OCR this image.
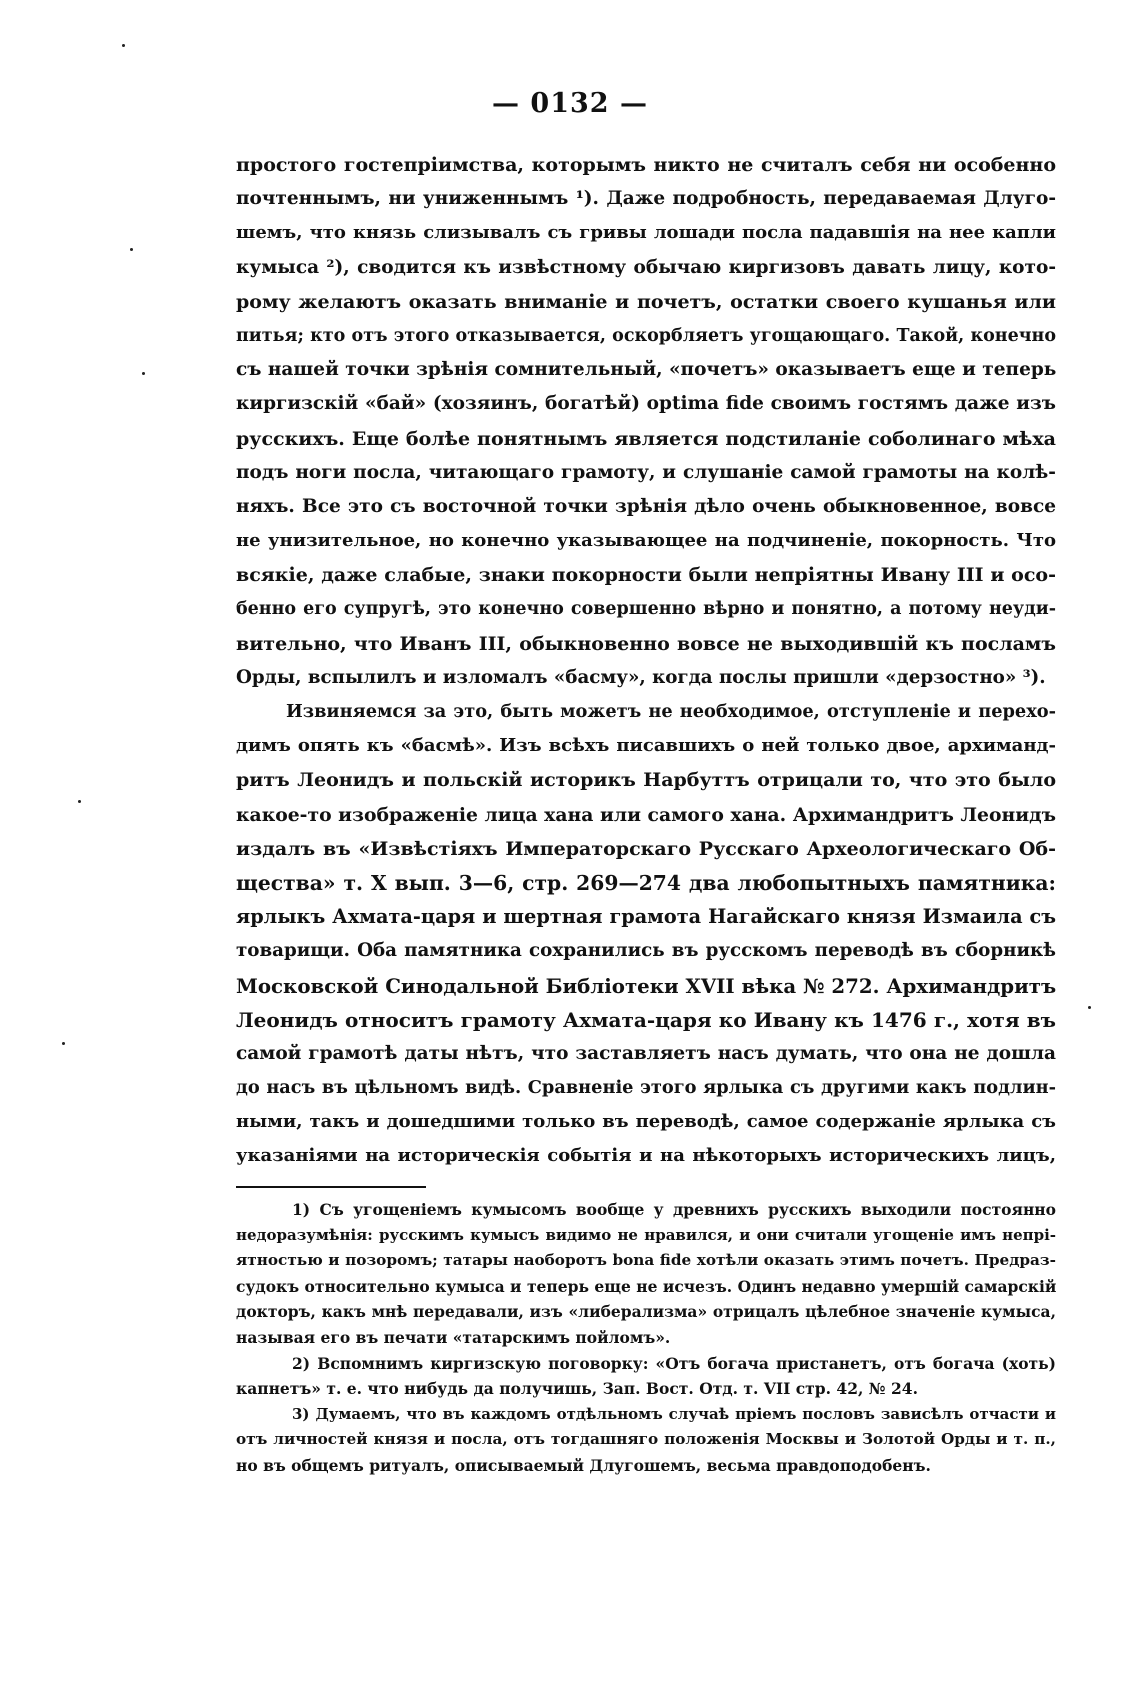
— 0132 —
простого гостепріимства, которымъ никто не считалъ себя ни особенно
почтеннымъ, ни униженнымъ ¹). Даже подробность, передаваемая Длуго-
шемъ, что князь слизывалъ съ гривы лошади посла падавшія на нее капли
кумыса ²), сводится къ извѣстному обычаю киргизовъ давать лицу, кото-
рому желаютъ оказать вниманіе и почетъ, остатки своего кушанья или
питья; кто отъ этого отказывается, оскорбляетъ угощающаго. Такой, конечно
съ нашей точки зрѣнія сомнительный, «почетъ» оказываетъ еще и теперь
киргизскій «бай» (хозяинъ, богатѣй) optima fide своимъ гостямъ даже изъ
русскихъ. Еще болѣе понятнымъ является подстиланіе соболинаго мѣха
подъ ноги посла, читающаго грамоту, и слушаніе самой грамоты на колѣ-
няхъ. Все это съ восточной точки зрѣнія дѣло очень обыкновенное, вовсе
не унизительное, но конечно указывающее на подчиненіе, покорность. Что
всякіе, даже слабые, знаки покорности были непріятны Ивану III и осо-
бенно его супругѣ, это конечно совершенно вѣрно и понятно, а потому неуди-
вительно, что Иванъ III, обыкновенно вовсе не выходившій къ посламъ
Орды, вспылилъ и изломалъ «басму», когда послы пришли «дерзостно» ³).
Извиняемся за это, быть можетъ не необходимое, отступленіе и перехо-
димъ опять къ «басмѣ». Изъ всѣхъ писавшихъ о ней только двое, архиманд-
ритъ Леонидъ и польскій историкъ Нарбуттъ отрицали то, что это было
какое-то изображеніе лица хана или самого хана. Архимандритъ Леонидъ
издалъ въ «Извѣстіяхъ Императорскаго Русскаго Археологическаго Об-
щества» т. X вып. 3—6, стр. 269—274 два любопытныхъ памятника:
ярлыкъ Ахмата-царя и шертная грамота Нагайскаго князя Измаила съ
товарищи. Оба памятника сохранились въ русскомъ переводѣ въ сборникѣ
Московской Синодальной Библіотеки XVII вѣка № 272. Архимандритъ
Леонидъ относитъ грамоту Ахмата-царя ко Ивану къ 1476 г., хотя въ
самой грамотѣ даты нѣтъ, что заставляетъ насъ думать, что она не дошла
до насъ въ цѣльномъ видѣ. Сравненіе этого ярлыка съ другими какъ подлин-
ными, такъ и дошедшими только въ переводѣ, самое содержаніе ярлыка съ
указаніями на историческія событія и на нѣкоторыхъ историческихъ лицъ,
1) Съ угощеніемъ кумысомъ вообще у древнихъ русскихъ выходили постоянно
недоразумѣнія: русскимъ кумысъ видимо не нравился, и они считали угощеніе имъ непрі-
ятностью и позоромъ; татары наоборотъ bona fide хотѣли оказать этимъ почетъ. Предраз-
судокъ относительно кумыса и теперь еще не исчезъ. Одинъ недавно умершій самарскій
докторъ, какъ мнѣ передавали, изъ «либерализма» отрицалъ цѣлебное значеніе кумыса,
называя его въ печати «татарскимъ пойломъ».
2) Вспомнимъ киргизскую поговорку: «Отъ богача пристанетъ, отъ богача (хоть)
капнетъ» т. е. что нибудь да получишь, Зап. Вост. Отд. т. VII стр. 42, № 24.
3) Думаемъ, что въ каждомъ отдѣльномъ случаѣ пріемъ пословъ зависѣлъ отчасти и
отъ личностей князя и посла, отъ тогдашняго положенія Москвы и Золотой Орды и т. п.,
но въ общемъ ритуалъ, описываемый Длугошемъ, весьма правдоподобенъ.
